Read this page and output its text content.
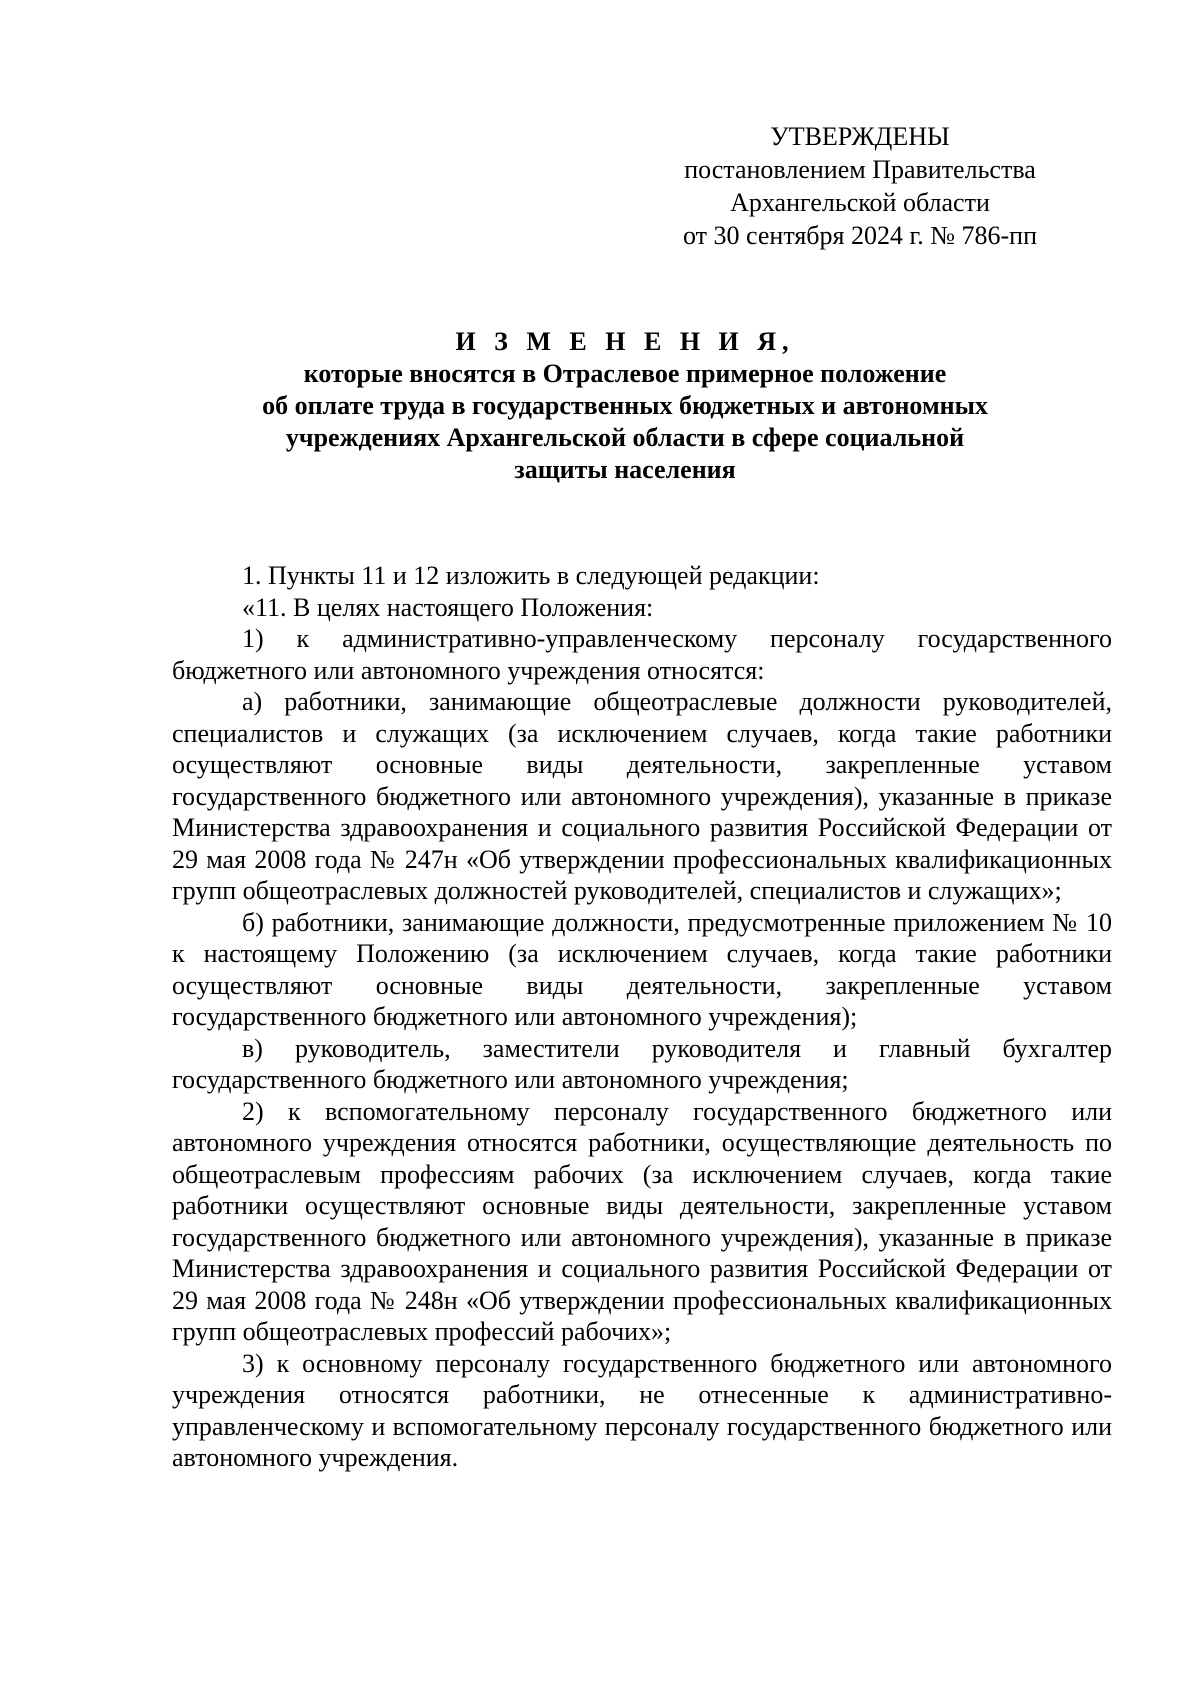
УТВЕРЖДЕНЫ
постановлением Правительства
Архангельской области
от 30 сентября 2024 г. № 786-пп
И З М Е Н Е Н И Я,
которые вносятся в Отраслевое примерное положение
об оплате труда в государственных бюджетных и автономных
учреждениях Архангельской области в сфере социальной
защиты населения

1. Пункты 11 и 12 изложить в следующей редакции:

«11. В целях настоящего Положения:

1) к административно-управленческому персоналу государственного бюджетного или автономного учреждения относятся:

а) работники, занимающие общеотраслевые должности руководителей, специалистов и служащих (за исключением случаев, когда такие работники осуществляют основные виды деятельности, закрепленные уставом государственного бюджетного или автономного учреждения), указанные в приказе Министерства здравоохранения и социального развития Российской Федерации от 29 мая 2008 года № 247н «Об утверждении профессиональных квалификационных групп общеотраслевых должностей руководителей, специалистов и служащих»;

б) работники, занимающие должности, предусмотренные приложением № 10 к настоящему Положению (за исключением случаев, когда такие работники осуществляют основные виды деятельности, закрепленные уставом государственного бюджетного или автономного учреждения);

в) руководитель, заместители руководителя и главный бухгалтер государственного бюджетного или автономного учреждения;

2) к вспомогательному персоналу государственного бюджетного или автономного учреждения относятся работники, осуществляющие деятельность по общеотраслевым профессиям рабочих (за исключением случаев, когда такие работники осуществляют основные виды деятельности, закрепленные уставом государственного бюджетного или автономного учреждения), указанные в приказе Министерства здравоохранения и социального развития Российской Федерации от 29 мая 2008 года № 248н «Об утверждении профессиональных квалификационных групп общеотраслевых профессий рабочих»;

3) к основному персоналу государственного бюджетного или автономного учреждения относятся работники, не отнесенные к административно-управленческому и вспомогательному персоналу государственного бюджетного или автономного учреждения.
